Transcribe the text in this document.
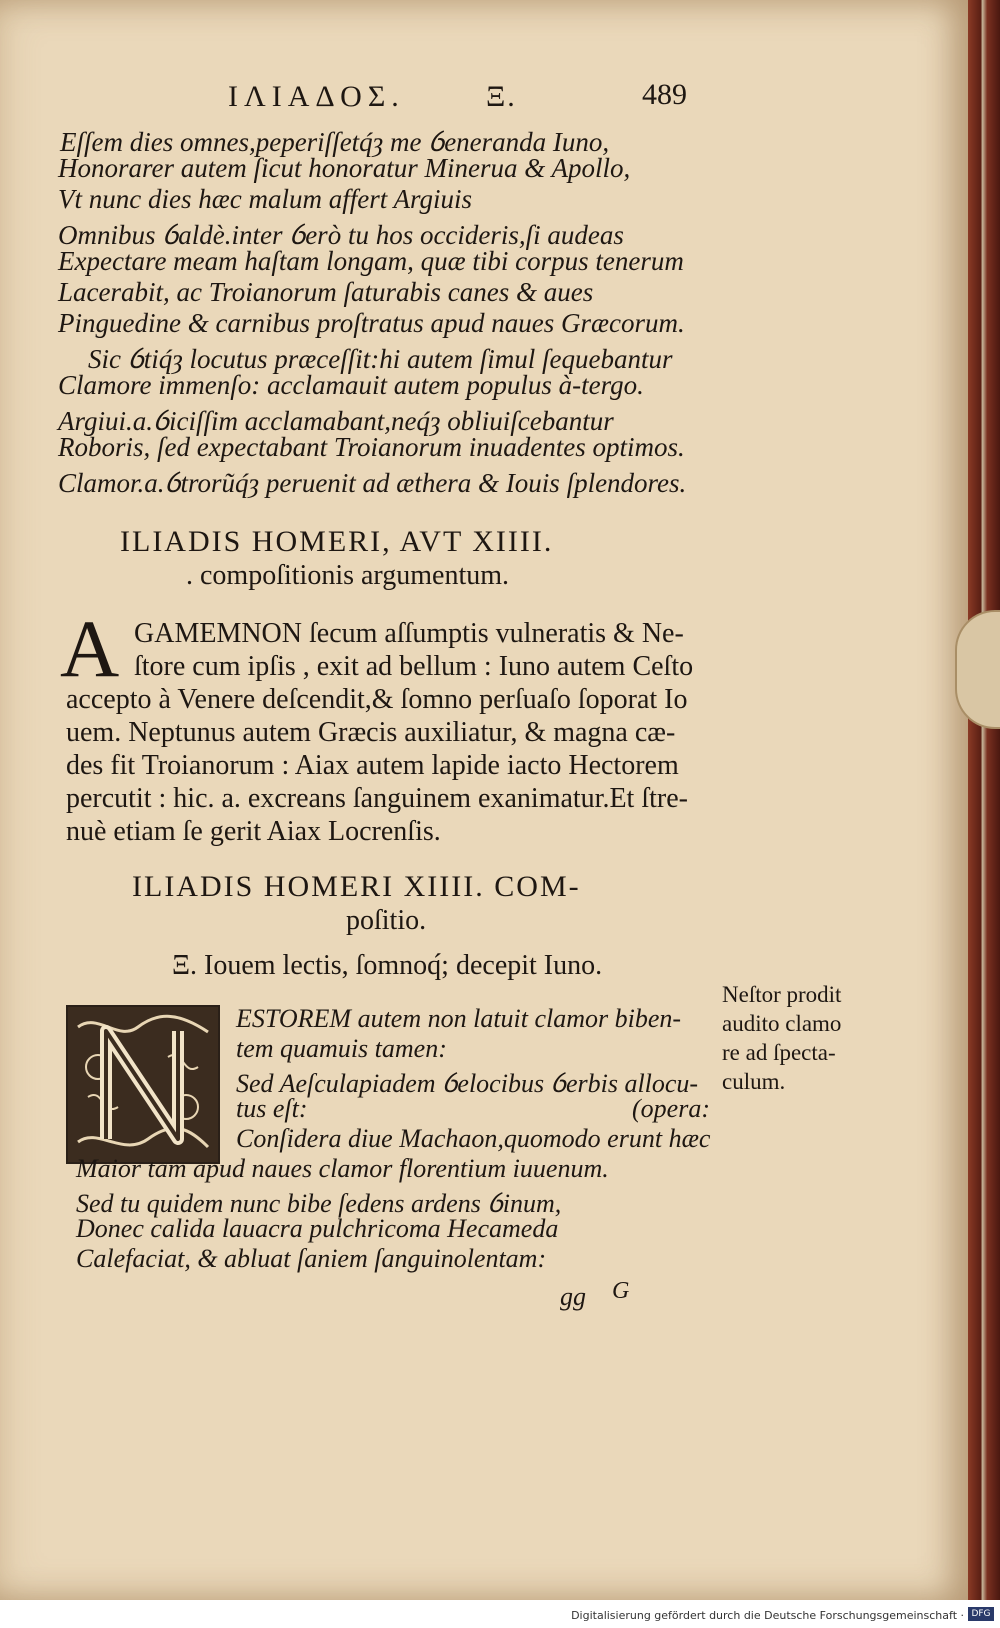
ΙΛΙΑΔΟΣ.	Ξ.	489
Eſſem dies omnes,peperiſſetq́ȝ me ỽeneranda Iuno,
Honorarer autem ſicut honoratur Minerua & Apollo,
Vt nunc dies hæc malum affert Argiuis
Omnibus ỽaldè.inter ỽerò tu hos occideris,ſi audeas
Expectare meam haſtam longam, quæ tibi corpus tenerum
Lacerabit, ac Troianorum ſaturabis canes & aues
Pinguedine & carnibus proſtratus apud naues Græcorum.
Sic ỽtiq́ȝ locutus præceſſit:hi autem ſimul ſequebantur
Clamore immenſo: acclamauit autem populus à-tergo.
Argiui.a.ỽiciſſim acclamabant,neq́ȝ obliuiſcebantur
Roboris, ſed expectabant Troianorum inuadentes optimos.
Clamor.a.ỽtrorũq́ȝ peruenit ad æthera & Iouis ſplendores.
ILIADIS HOMERI, AVT XIIII.
. compoſitionis argumentum.
A GAMEMNON ſecum aſſumptis vulneratis & Ne-
ſtore cum ipſis , exit ad bellum : Iuno autem Ceſto
accepto à Venere deſcendit,& ſomno perſuaſo ſoporat Io
uem. Neptunus autem Græcis auxiliatur, & magna cæ-
des fit Troianorum : Aiax autem lapide iacto Hectorem
percutit : hic. a. excreans ſanguinem exanimatur.Et ſtre-
nuè etiam ſe gerit Aiax Locrenſis.
ILIADIS HOMERI XIIII. COM-
poſitio.
Ξ. Iouem lectis, ſomnoq́; decepit Iuno.
ESTOREM autem non latuit clamor biben-
tem quamuis tamen:
Sed Aeſculapiadem ỽelocibus ỽerbis allocu-
tus eſt:	(opera:
Conſidera diue Machaon,quomodo erunt hæc
Maior tam apud naues clamor florentium iuuenum.
Sed tu quidem nunc bibe ſedens ardens ỽinum,
Donec calida lauacra pulchricoma Hecameda
Calefaciat, & abluat ſaniem ſanguinolentam:
gg G
Neſtor prodit
audito clamo
re ad ſpecta-
culum.
Digitalisierung gefördert durch die Deutsche Forschungsgemeinschaft · DFG
